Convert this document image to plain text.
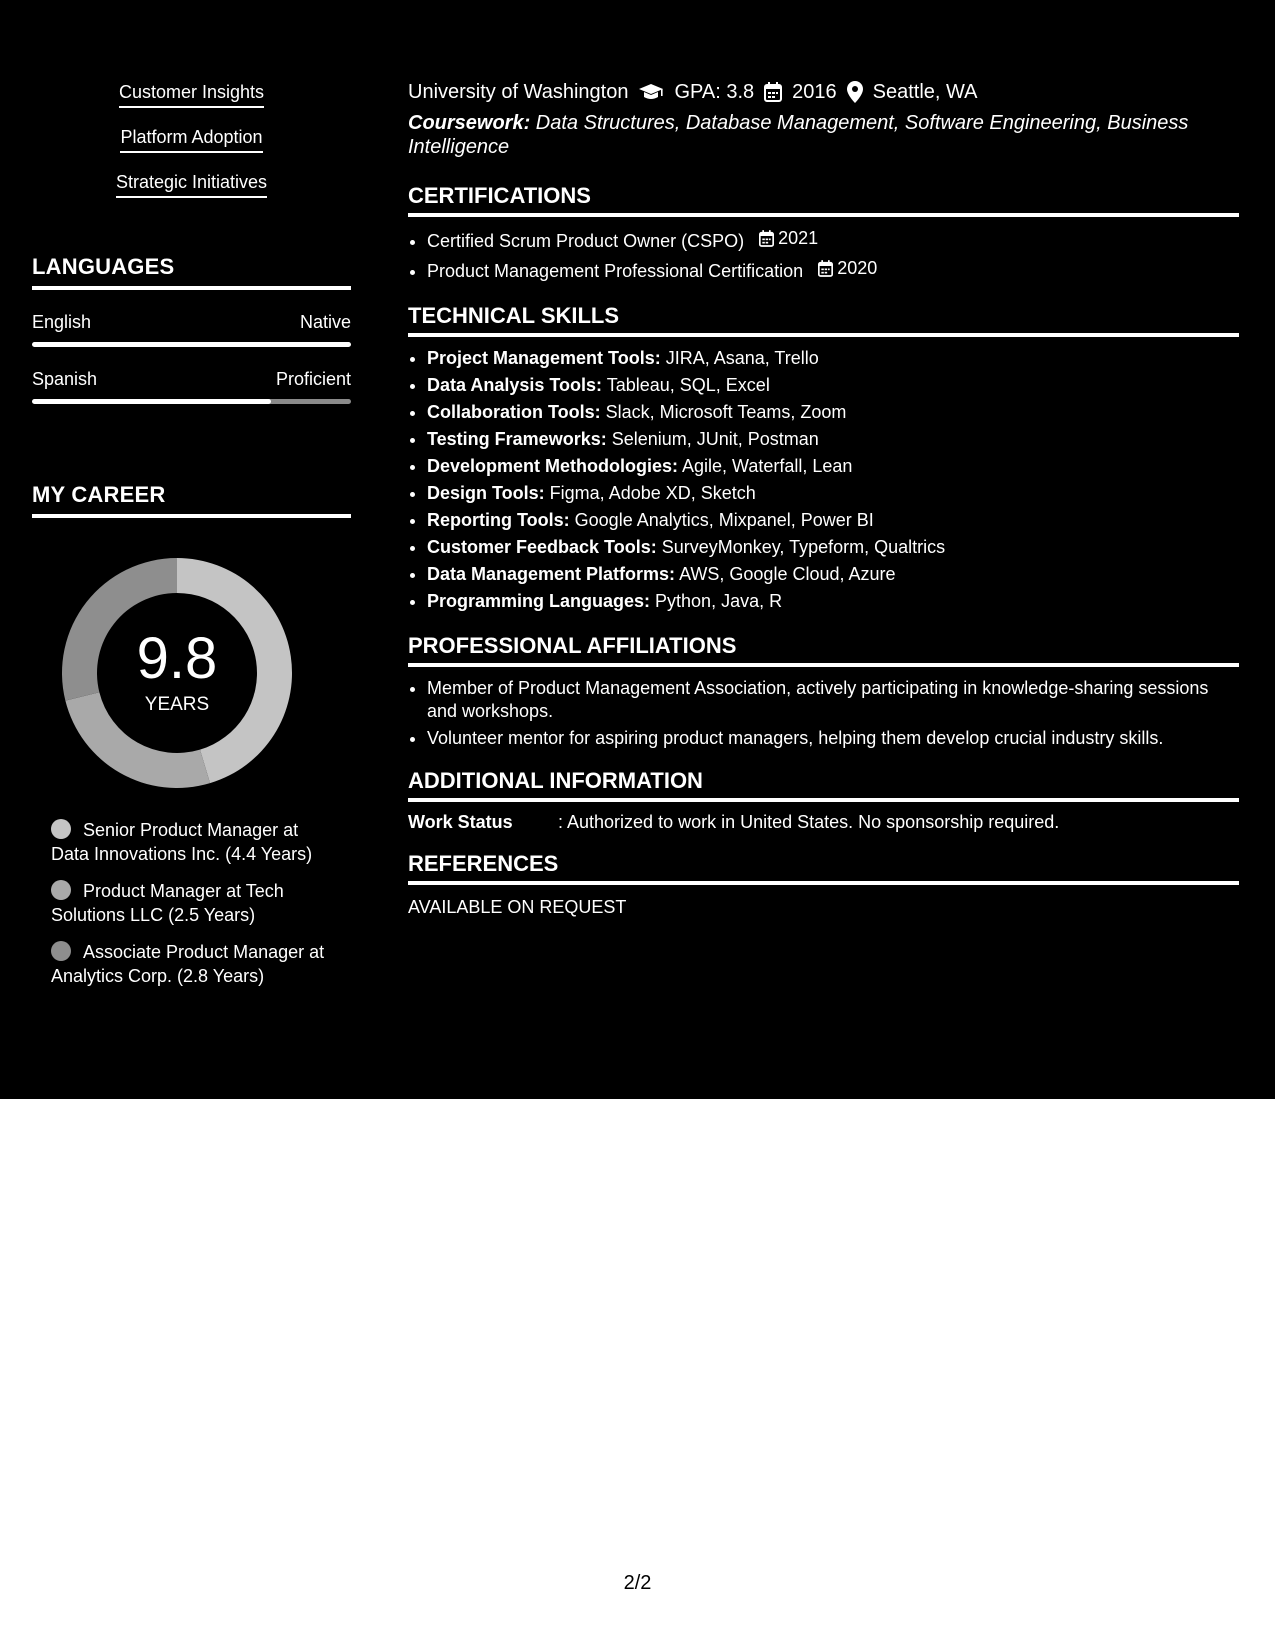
Customer Insights
Platform Adoption
Strategic Initiatives
LANGUAGES
English	Native
Spanish	Proficient
MY CAREER
9.8
YEARS
Senior Product Manager at Data Innovations Inc. (4.4 Years)
Product Manager at Tech Solutions LLC (2.5 Years)
Associate Product Manager at Analytics Corp. (2.8 Years)
University of Washington GPA: 3.8 2016 Seattle, WA
Coursework: Data Structures, Database Management, Software Engineering, Business Intelligence
CERTIFICATIONS
• Certified Scrum Product Owner (CSPO) 2021
• Product Management Professional Certification 2020
TECHNICAL SKILLS
• Project Management Tools: JIRA, Asana, Trello
• Data Analysis Tools: Tableau, SQL, Excel
• Collaboration Tools: Slack, Microsoft Teams, Zoom
• Testing Frameworks: Selenium, JUnit, Postman
• Development Methodologies: Agile, Waterfall, Lean
• Design Tools: Figma, Adobe XD, Sketch
• Reporting Tools: Google Analytics, Mixpanel, Power BI
• Customer Feedback Tools: SurveyMonkey, Typeform, Qualtrics
• Data Management Platforms: AWS, Google Cloud, Azure
• Programming Languages: Python, Java, R
PROFESSIONAL AFFILIATIONS
• Member of Product Management Association, actively participating in knowledge-sharing sessions and workshops.
• Volunteer mentor for aspiring product managers, helping them develop crucial industry skills.
ADDITIONAL INFORMATION
Work Status	: Authorized to work in United States. No sponsorship required.
REFERENCES
AVAILABLE ON REQUEST
2/2
